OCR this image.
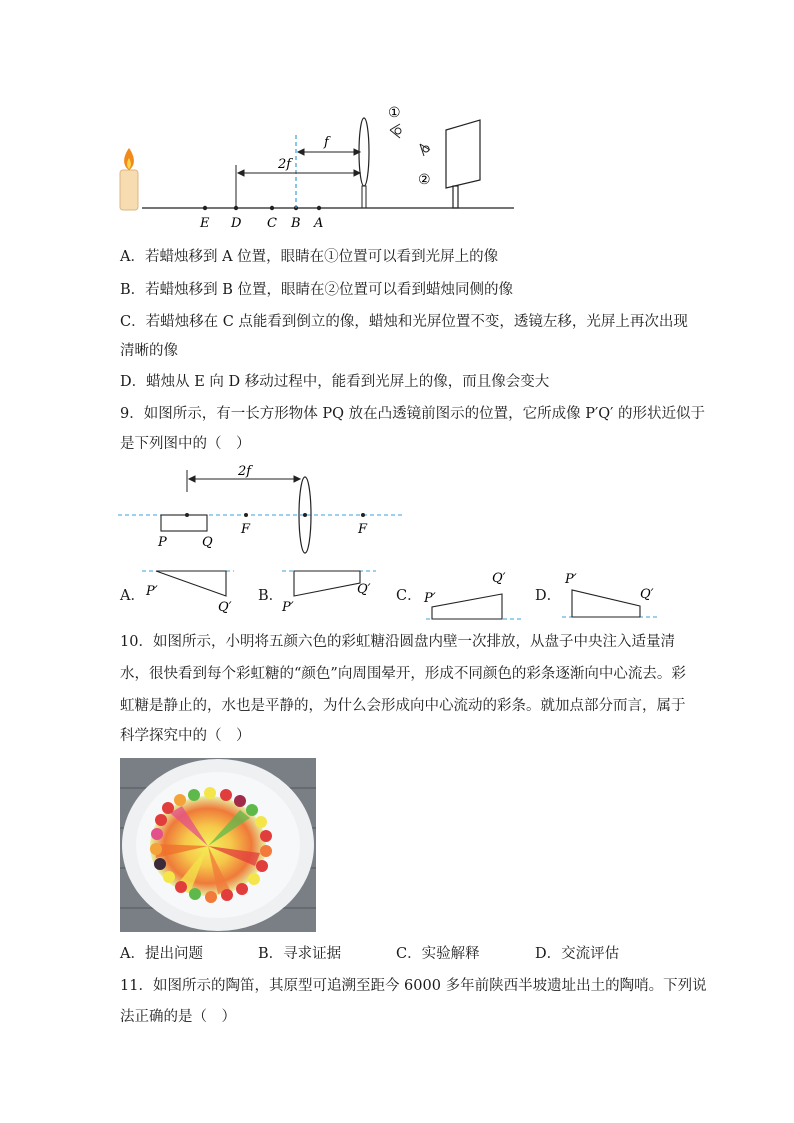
f
2f
①
②
E D C B A
A．若蜡烛移到 A 位置，眼睛在①位置可以看到光屏上的像
B．若蜡烛移到 B 位置，眼睛在②位置可以看到蜡烛同侧的像
C．若蜡烛移在 C 点能看到倒立的像，蜡烛和光屏位置不变，透镜左移，光屏上再次出现
清晰的像
D．蜡烛从 E 向 D 移动过程中，能看到光屏上的像，而且像会变大
9．如图所示，有一长方形物体 PQ 放在凸透镜前图示的位置，它所成像 P′Q′ 的形状近似于
是下列图中的（　）
2f
F	F
P	Q
A． P′
Q′
B．
P′
Q′ C． P′
Q′
D．
P′
Q′
10．如图所示，小明将五颜六色的彩虹糖沿圆盘内壁一次排放，从盘子中央注入适量清
水，很快看到每个彩虹糖的“颜色”向周围晕开，形成不同颜色的彩条逐渐向中心流去。彩
虹糖是静止的，水也是平静的，为什么会形成向中心流动的彩条。就加点部分而言，属于
科学探究中的（　）
A．提出问题	B．寻求证据	C．实验解释	D．交流评估
11．如图所示的陶笛，其原型可追溯至距今 6000 多年前陕西半坡遗址出土的陶哨。下列说
法正确的是（　）
